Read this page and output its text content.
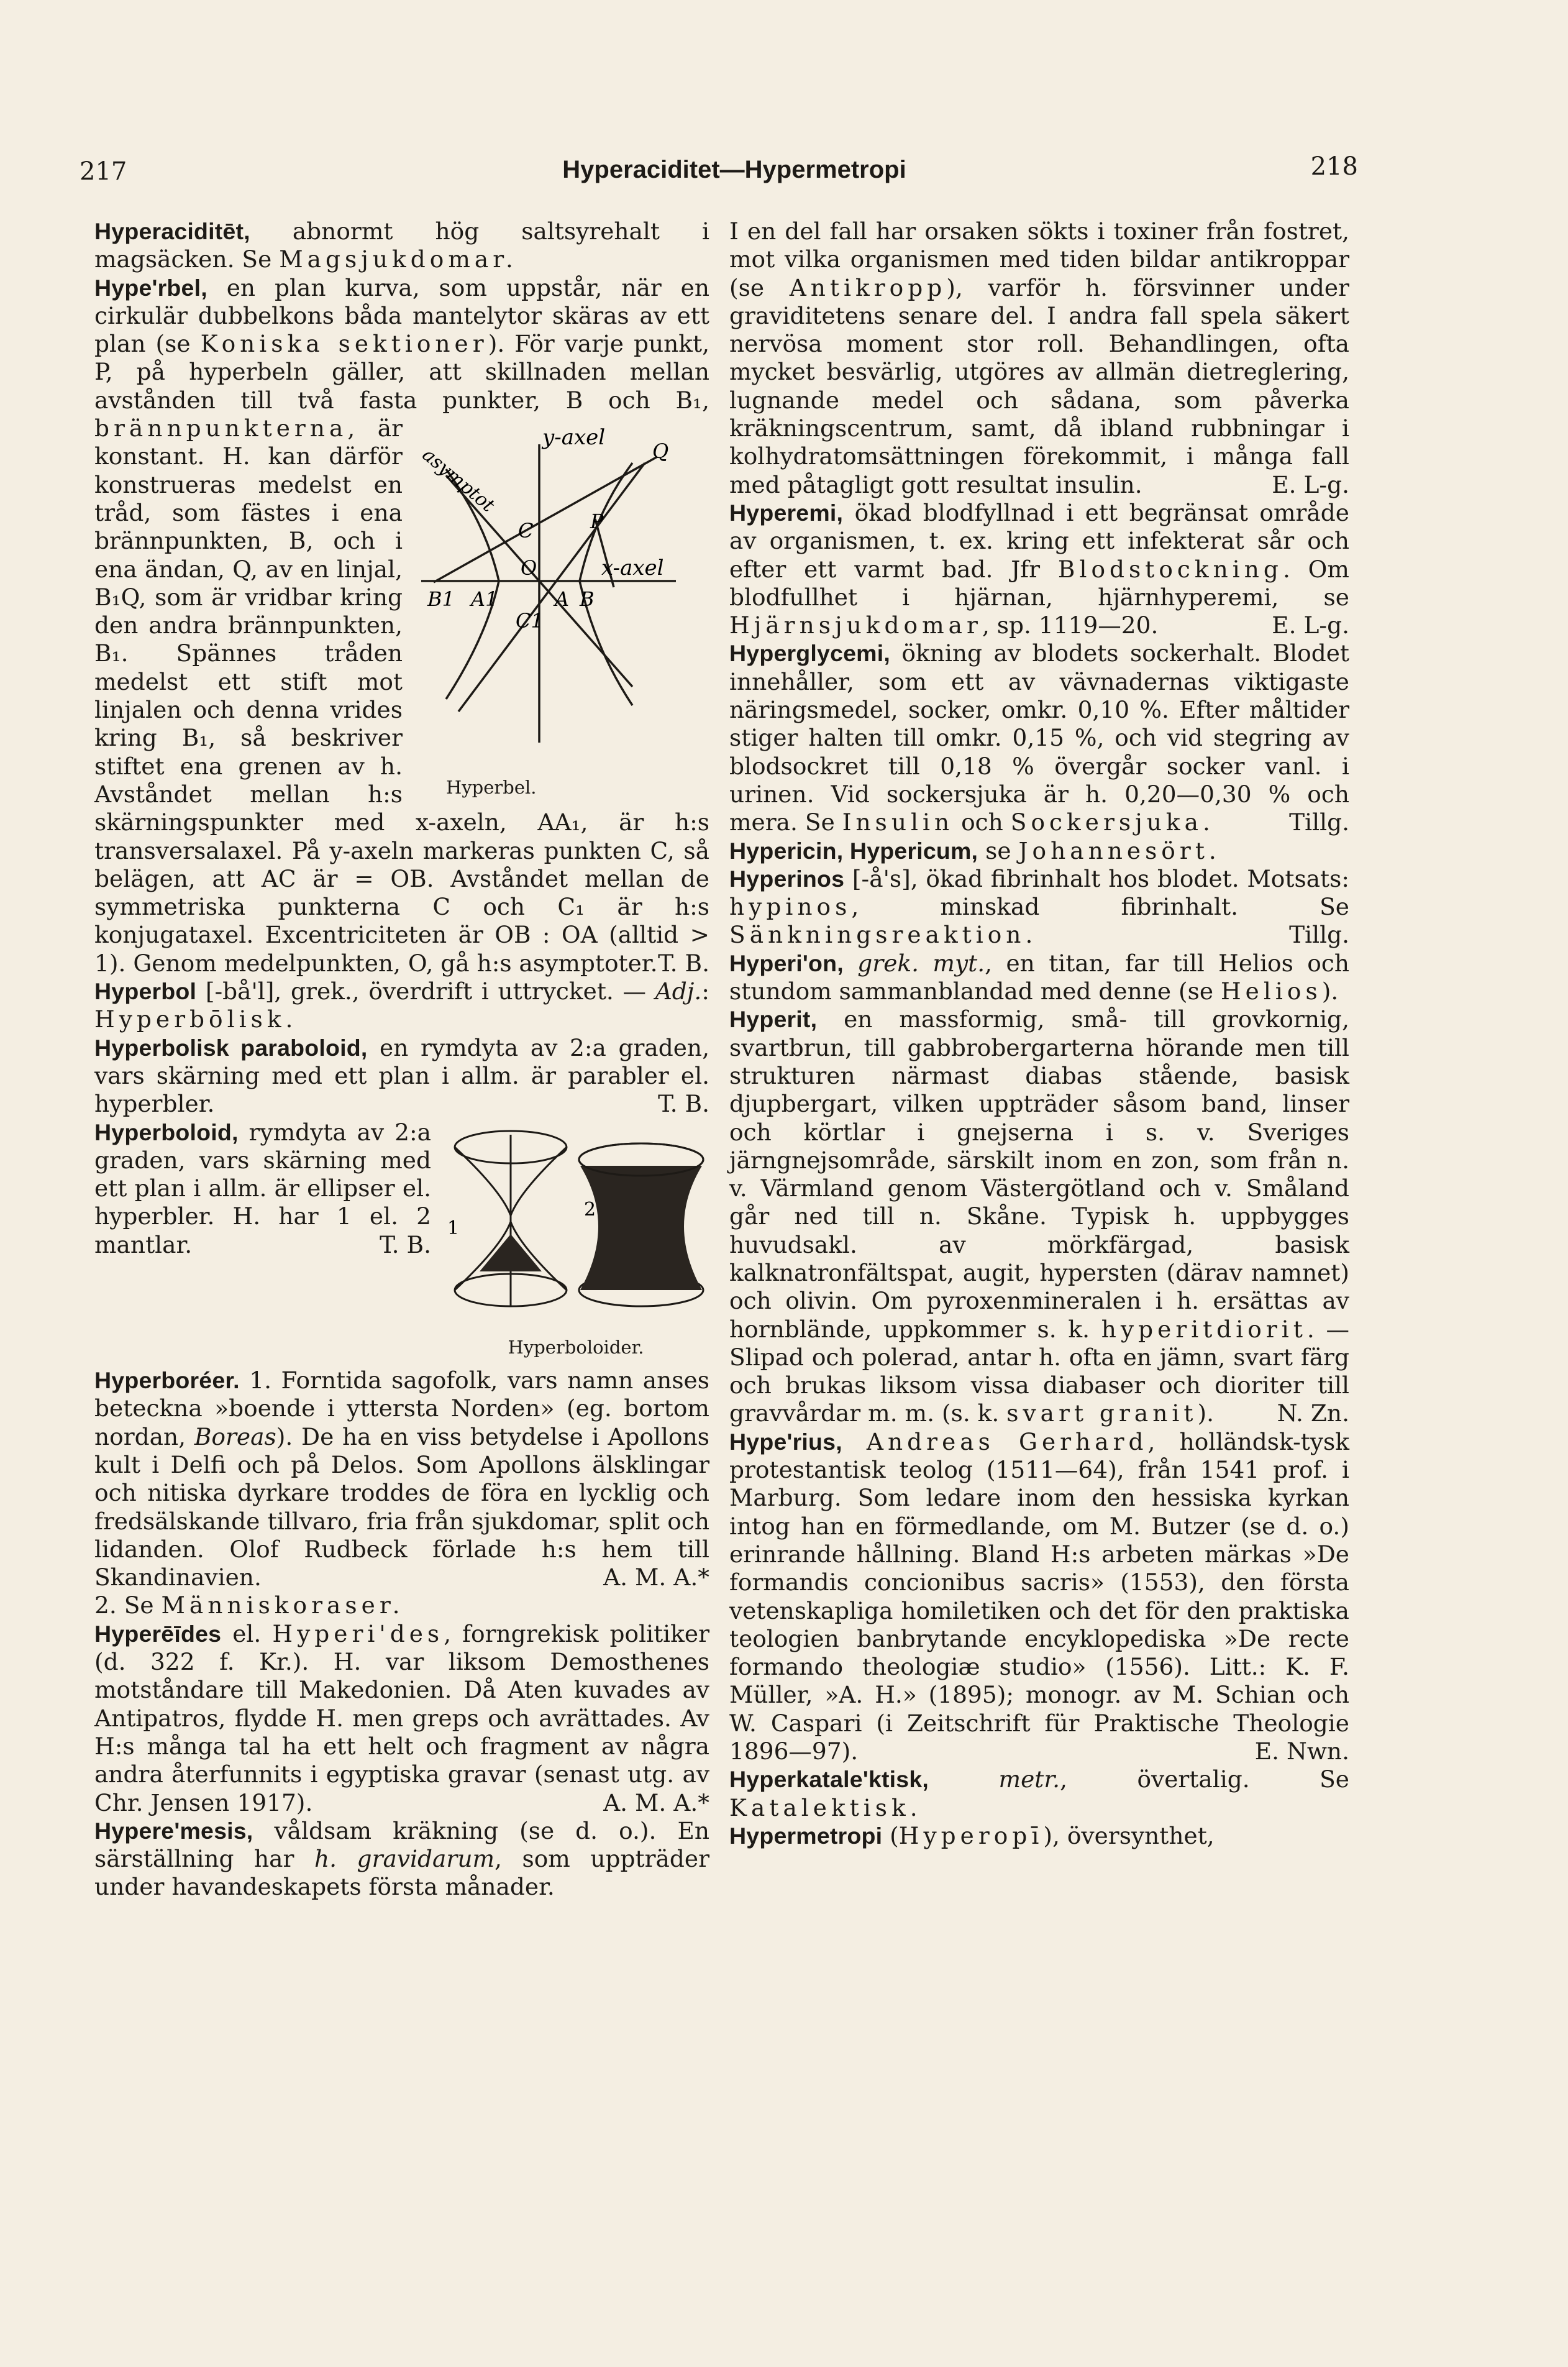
217	Hyperaciditet—Hypermetropi	218

Hyperaciditēt, abnormt hög saltsyrehalt i magsäcken. Se Magsjukdomar.

Hype'rbel, en plan kurva, som uppstår, när en cirkulär dubbelkons båda mantelytor skäras av ett plan (se Koniska sektioner). För varje punkt, P, på hyperbeln gäller, att skillnaden mellan avstånden till två fasta punkter, B och B₁,
y-axel
x-axel
asymptot	Q
P
C
C1
O
B1 A1	A B
Hyperbel.
brännpunkterna, är konstant. H. kan därför konstrueras medelst en tråd, som fästes i ena brännpunkten, B, och i ena ändan, Q, av en linjal, B₁Q, som är vridbar kring den andra brännpunkten, B₁. Spännes tråden medelst ett stift mot linjalen och denna vrides kring B₁, så beskriver stiftet ena grenen av h. Avståndet mellan h:s skärningspunkter med x-axeln, AA₁, är h:s transversalaxel. På y-axeln markeras punkten C, så belägen, att AC är = OB. Avståndet mellan de symmetriska punkterna C och C₁ är h:s konjugataxel. Excentriciteten är OB : OA (alltid > 1). Genom medelpunkten, O, gå h:s asymptoter. T. B.

Hyperbol [-bå'l], grek., överdrift i uttrycket. — Adj.: Hyperbōlisk.

Hyperbolisk paraboloid, en rymdyta av 2:a graden, vars skärning med ett plan i allm. är parabler el. hyperbler.	T. B.

1
2
Hyperboloider.
Hyperboloid, rymdyta av 2:a graden, vars skärning med ett plan i allm. är ellipser el. hyperbler. H. har 1 el. 2 mantlar.	T. B.

Hyperboréer. 1. Forntida sagofolk, vars namn anses beteckna »boende i yttersta Norden» (eg. bortom nordan, Boreas). De ha en viss betydelse i Apollons kult i Delfi och på Delos. Som Apollons älsklingar och nitiska dyrkare troddes de föra en lycklig och fredsälskande tillvaro, fria från sjukdomar, split och lidanden. Olof Rudbeck förlade h:s hem till Skandinavien.	A. M. A.*

2. Se Människoraser.

Hyperēīdes el. Hyperi'des, forngrekisk politiker (d. 322 f. Kr.). H. var liksom Demosthenes motståndare till Makedonien. Då Aten kuvades av Antipatros, flydde H. men greps och avrättades. Av H:s många tal ha ett helt och fragment av några andra återfunnits i egyptiska gravar (senast utg. av Chr. Jensen 1917).	A. M. A.*

Hypere'mesis, våldsam kräkning (se d. o.). En särställning har h. gravidarum, som uppträder under havandeskapets första månader.

I en del fall har orsaken sökts i toxiner från fostret, mot vilka organismen med tiden bildar antikroppar (se Antikropp), varför h. försvinner under graviditetens senare del. I andra fall spela säkert nervösa moment stor roll. Behandlingen, ofta mycket besvärlig, utgöres av allmän dietreglering, lugnande medel och sådana, som påverka kräkningscentrum, samt, då ibland rubbningar i kolhydratomsättningen förekommit, i många fall med påtagligt gott resultat insulin.	E. L-g.

Hyperemi, ökad blodfyllnad i ett begränsat område av organismen, t. ex. kring ett infekterat sår och efter ett varmt bad. Jfr Blodstockning. Om blodfullhet i hjärnan, hjärnhyperemi, se Hjärnsjukdomar, sp. 1119—20.	E. L-g.

Hyperglycemi, ökning av blodets sockerhalt. Blodet innehåller, som ett av vävnadernas viktigaste näringsmedel, socker, omkr. 0,10 %. Efter måltider stiger halten till omkr. 0,15 %, och vid stegring av blodsockret till 0,18 % övergår socker vanl. i urinen. Vid sockersjuka är h. 0,20—0,30 % och mera. Se Insulin och Sockersjuka.	Tillg.

Hypericin, Hypericum, se Johannesört.

Hyperinos [-å's], ökad fibrinhalt hos blodet. Motsats: hypinos, minskad fibrinhalt. Se Sänkningsreaktion.	Tillg.

Hyperi'on, grek. myt., en titan, far till Helios och stundom sammanblandad med denne (se Helios).

Hyperit, en massformig, små- till grovkornig, svartbrun, till gabbrobergarterna hörande men till strukturen närmast diabas stående, basisk djupbergart, vilken uppträder såsom band, linser och körtlar i gnejserna i s. v. Sveriges järngnejsområde, särskilt inom en zon, som från n. v. Värmland genom Västergötland och v. Småland går ned till n. Skåne. Typisk h. uppbygges huvudsakl. av mörkfärgad, basisk kalknatronfältspat, augit, hypersten (därav namnet) och olivin. Om pyroxenmineralen i h. ersättas av hornblände, uppkommer s. k. hyperitdiorit. — Slipad och polerad, antar h. ofta en jämn, svart färg och brukas liksom vissa diabaser och dioriter till gravvårdar m. m. (s. k. svart granit).	N. Zn.

Hype'rius, Andreas Gerhard, holländsk-tysk protestantisk teolog (1511—64), från 1541 prof. i Marburg. Som ledare inom den hessiska kyrkan intog han en förmedlande, om M. Butzer (se d. o.) erinrande hållning. Bland H:s arbeten märkas »De formandis concionibus sacris» (1553), den första vetenskapliga homiletiken och det för den praktiska teologien banbrytande encyklopediska »De recte formando theologiæ studio» (1556). Litt.: K. F. Müller, »A. H.» (1895); monogr. av M. Schian och W. Caspari (i Zeitschrift für Praktische Theologie 1896—97).	E. Nwn.

Hyperkatale'ktisk, metr., övertalig. Se Katalektisk.

Hypermetropi (Hyperopī), översynthet,
